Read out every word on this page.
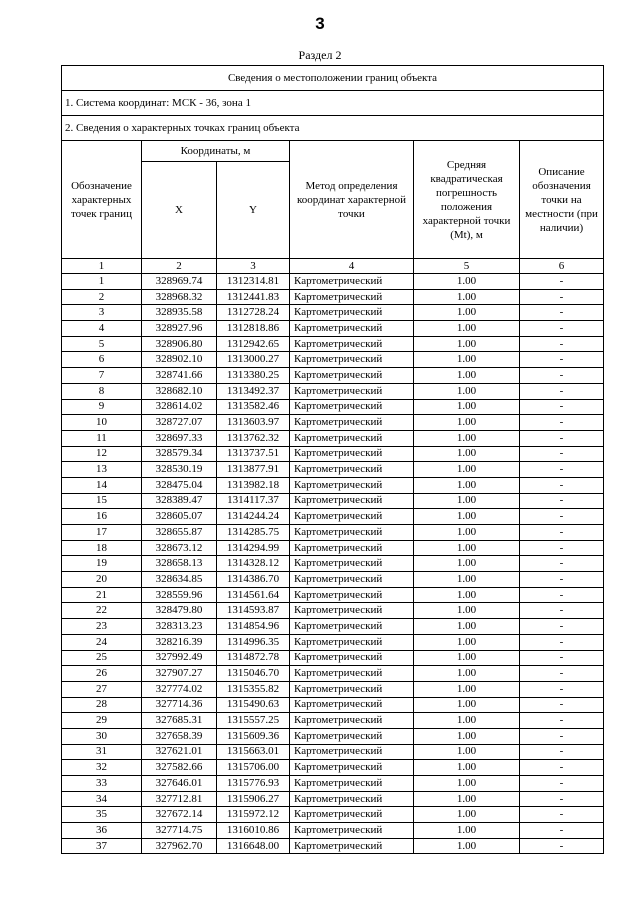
3
Раздел 2
Сведения о местоположении границ объекта					
1. Система координат: МСК - 36, зона 1					
2. Сведения о характерных точках границ объекта					
Обозначение характерных точек границ	Координаты, м		Метод определения координат характерной точки	Средняя квадратическая погрешность положения характерной точки (Mt), м	Описание обозначения точки на местности (при наличии)
	X	Y			
1	2	3	4	5	6
1	328969.74	1312314.81	Картометрический	1.00	-
2	328968.32	1312441.83	Картометрический	1.00	-
3	328935.58	1312728.24	Картометрический	1.00	-
4	328927.96	1312818.86	Картометрический	1.00	-
5	328906.80	1312942.65	Картометрический	1.00	-
6	328902.10	1313000.27	Картометрический	1.00	-
7	328741.66	1313380.25	Картометрический	1.00	-
8	328682.10	1313492.37	Картометрический	1.00	-
9	328614.02	1313582.46	Картометрический	1.00	-
10	328727.07	1313603.97	Картометрический	1.00	-
11	328697.33	1313762.32	Картометрический	1.00	-
12	328579.34	1313737.51	Картометрический	1.00	-
13	328530.19	1313877.91	Картометрический	1.00	-
14	328475.04	1313982.18	Картометрический	1.00	-
15	328389.47	1314117.37	Картометрический	1.00	-
16	328605.07	1314244.24	Картометрический	1.00	-
17	328655.87	1314285.75	Картометрический	1.00	-
18	328673.12	1314294.99	Картометрический	1.00	-
19	328658.13	1314328.12	Картометрический	1.00	-
20	328634.85	1314386.70	Картометрический	1.00	-
21	328559.96	1314561.64	Картометрический	1.00	-
22	328479.80	1314593.87	Картометрический	1.00	-
23	328313.23	1314854.96	Картометрический	1.00	-
24	328216.39	1314996.35	Картометрический	1.00	-
25	327992.49	1314872.78	Картометрический	1.00	-
26	327907.27	1315046.70	Картометрический	1.00	-
27	327774.02	1315355.82	Картометрический	1.00	-
28	327714.36	1315490.63	Картометрический	1.00	-
29	327685.31	1315557.25	Картометрический	1.00	-
30	327658.39	1315609.36	Картометрический	1.00	-
31	327621.01	1315663.01	Картометрический	1.00	-
32	327582.66	1315706.00	Картометрический	1.00	-
33	327646.01	1315776.93	Картометрический	1.00	-
34	327712.81	1315906.27	Картометрический	1.00	-
35	327672.14	1315972.12	Картометрический	1.00	-
36	327714.75	1316010.86	Картометрический	1.00	-
37	327962.70	1316648.00	Картометрический	1.00	-
